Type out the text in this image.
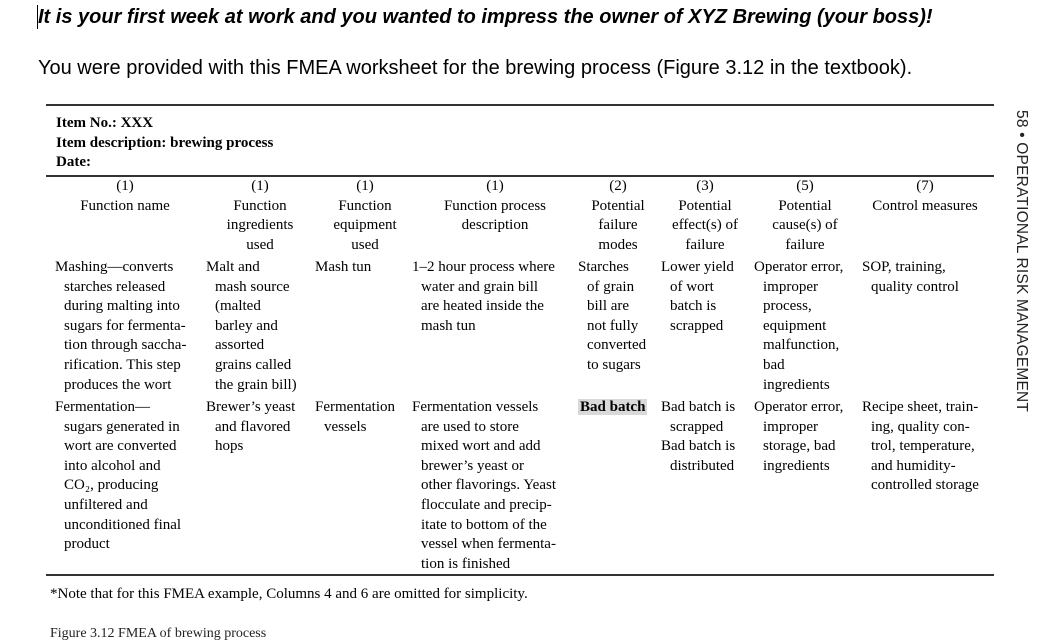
It is your first week at work and you wanted to impress the owner of XYZ Brewing (your boss)!
You were provided with this FMEA worksheet for the brewing process (Figure 3.12 in the textbook).
Item No.: XXX
Item description: brewing process
Date:
(1)
Function name
(1)
Function
ingredients
used
(1)
Function
equipment
used
(1)
Function process
description
(2)
Potential
failure
modes
(3)
Potential
effect(s) of
failure
(5)
Potential
cause(s) of
failure
(7)
Control measures
Mashing—converts
starches released
during malting into
sugars for fermenta-
tion through saccha-
rification. This step
produces the wort
Malt and
mash source
(malted
barley and
assorted
grains called
the grain bill)
Mash tun	1–2 hour process where
water and grain bill
are heated inside the
mash tun
Starches
of grain
bill are
not fully
converted
to sugars
Lower yield
of wort
batch is
scrapped
Operator error,
improper
process,
equipment
malfunction,
bad
ingredients
SOP, training,
quality control
Fermentation—
sugars generated in
wort are converted
into alcohol and
CO₂, producing
unfiltered and
unconditioned final
product
Brewer’s yeast
and flavored
hops
Fermentation
vessels
Fermentation vessels
are used to store
mixed wort and add
brewer’s yeast or
other flavorings. Yeast
flocculate and precip-
itate to bottom of the
vessel when fermenta-
tion is finished
Bad batch Bad batch is
scrapped
Bad batch is
distributed
Operator error,
improper
storage, bad
ingredients
Recipe sheet, train-
ing, quality con-
trol, temperature,
and humidity-
controlled storage
*Note that for this FMEA example, Columns 4 and 6 are omitted for simplicity.
Figure 3.12 FMEA of brewing process
58 • OPERATIONAL RISK MANAGEMENT
